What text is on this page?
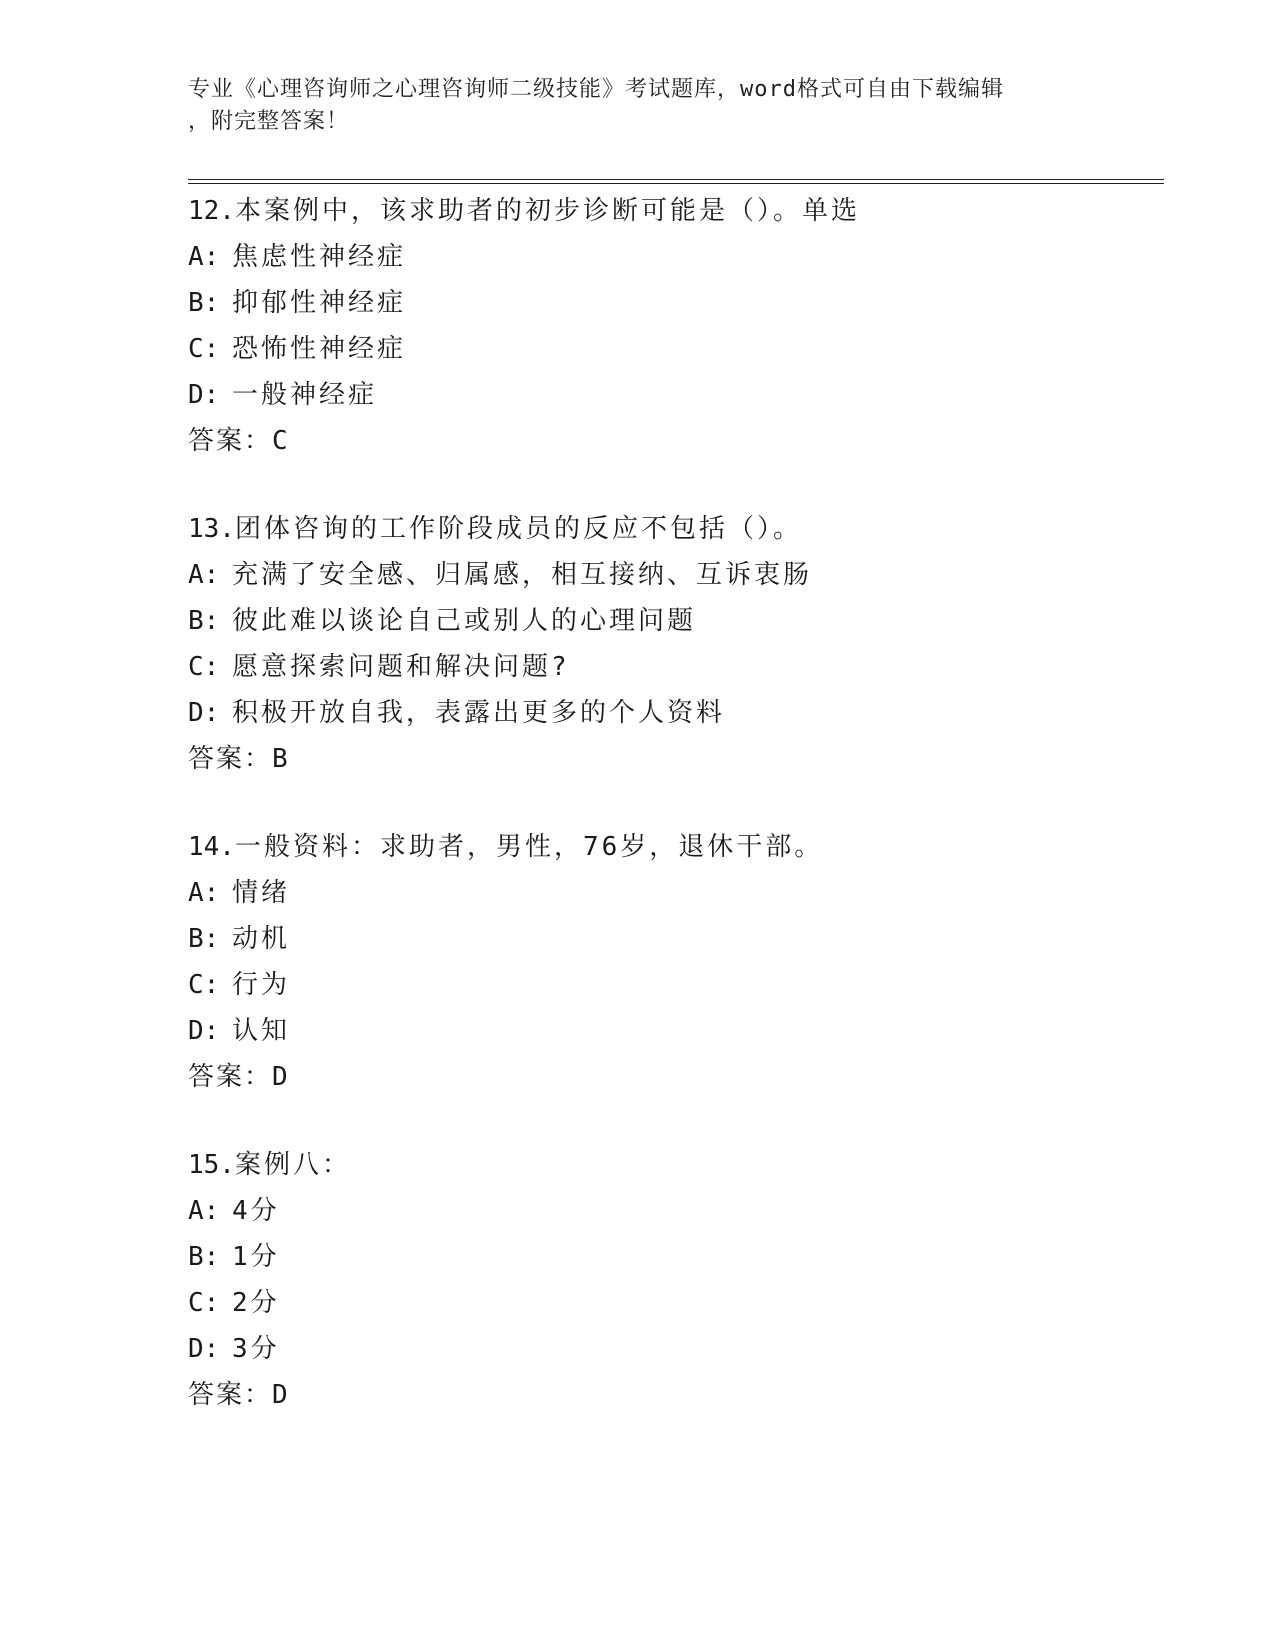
专业《心理咨询师之心理咨询师二级技能》考试题库，word格式可自由下载编辑
，附完整答案！
12.本案例中，该求助者的初步诊断可能是（）。单选
A: 焦虑性神经症
B: 抑郁性神经症
C: 恐怖性神经症
D: 一般神经症
答案：C
13.团体咨询的工作阶段成员的反应不包括（）。
A: 充满了安全感、归属感，相互接纳、互诉衷肠
B: 彼此难以谈论自己或别人的心理问题
C: 愿意探索问题和解决问题?
D: 积极开放自我，表露出更多的个人资料
答案：B
14.一般资料：求助者，男性，76岁，退休干部。
A: 情绪
B: 动机
C: 行为
D: 认知
答案：D
15.案例八：
A: 4分
B: 1分
C: 2分
D: 3分
答案：D
